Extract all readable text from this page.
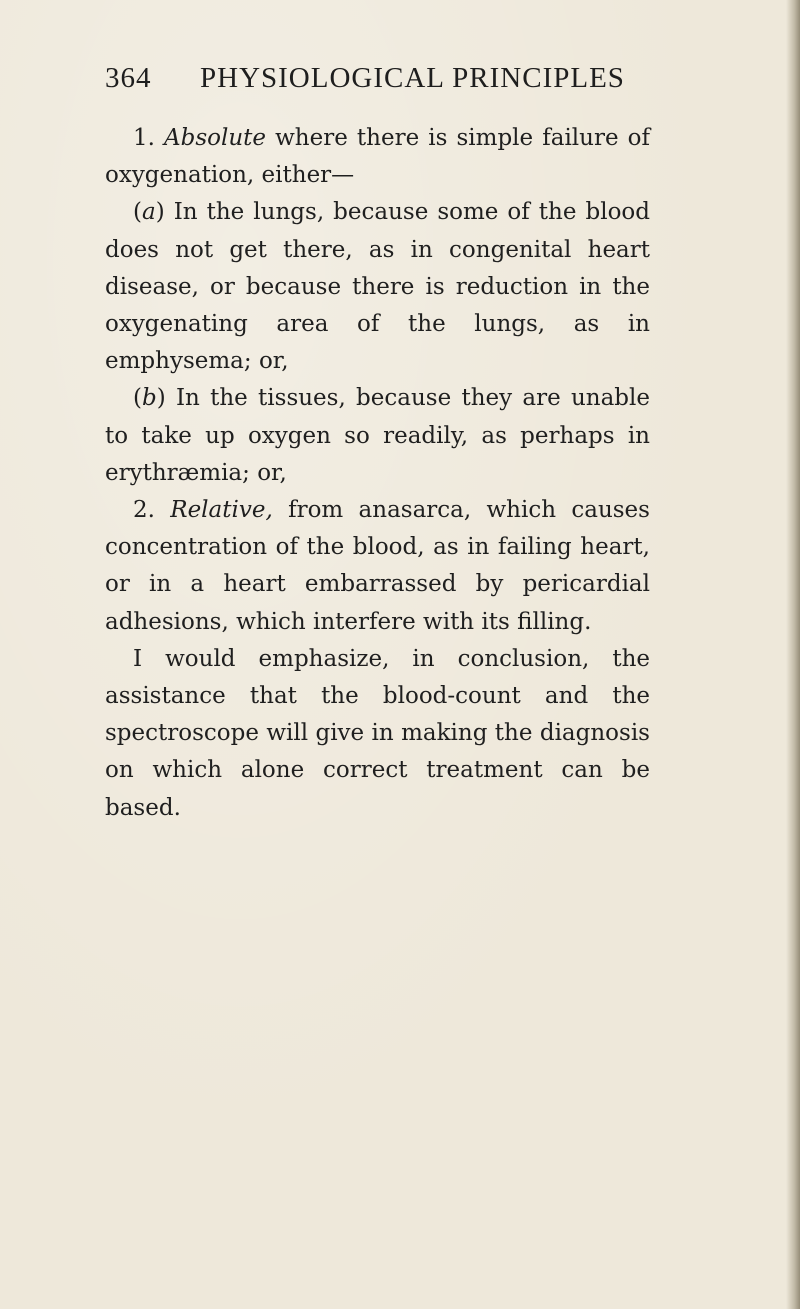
364 PHYSIOLOGICAL PRINCIPLES

1. Absolute where there is simple failure of oxygenation, either—

(a) In the lungs, because some of the blood does not get there, as in congenital heart disease, or because there is reduction in the oxygenating area of the lungs, as in emphysema; or,

(b) In the tissues, because they are unable to take up oxygen so readily, as perhaps in erythræmia; or,

2. Relative, from anasarca, which causes concentration of the blood, as in failing heart, or in a heart embarrassed by pericardial adhesions, which interfere with its filling.

I would emphasize, in conclusion, the assistance that the blood-count and the spectroscope will give in making the diagnosis on which alone correct treatment can be based.
